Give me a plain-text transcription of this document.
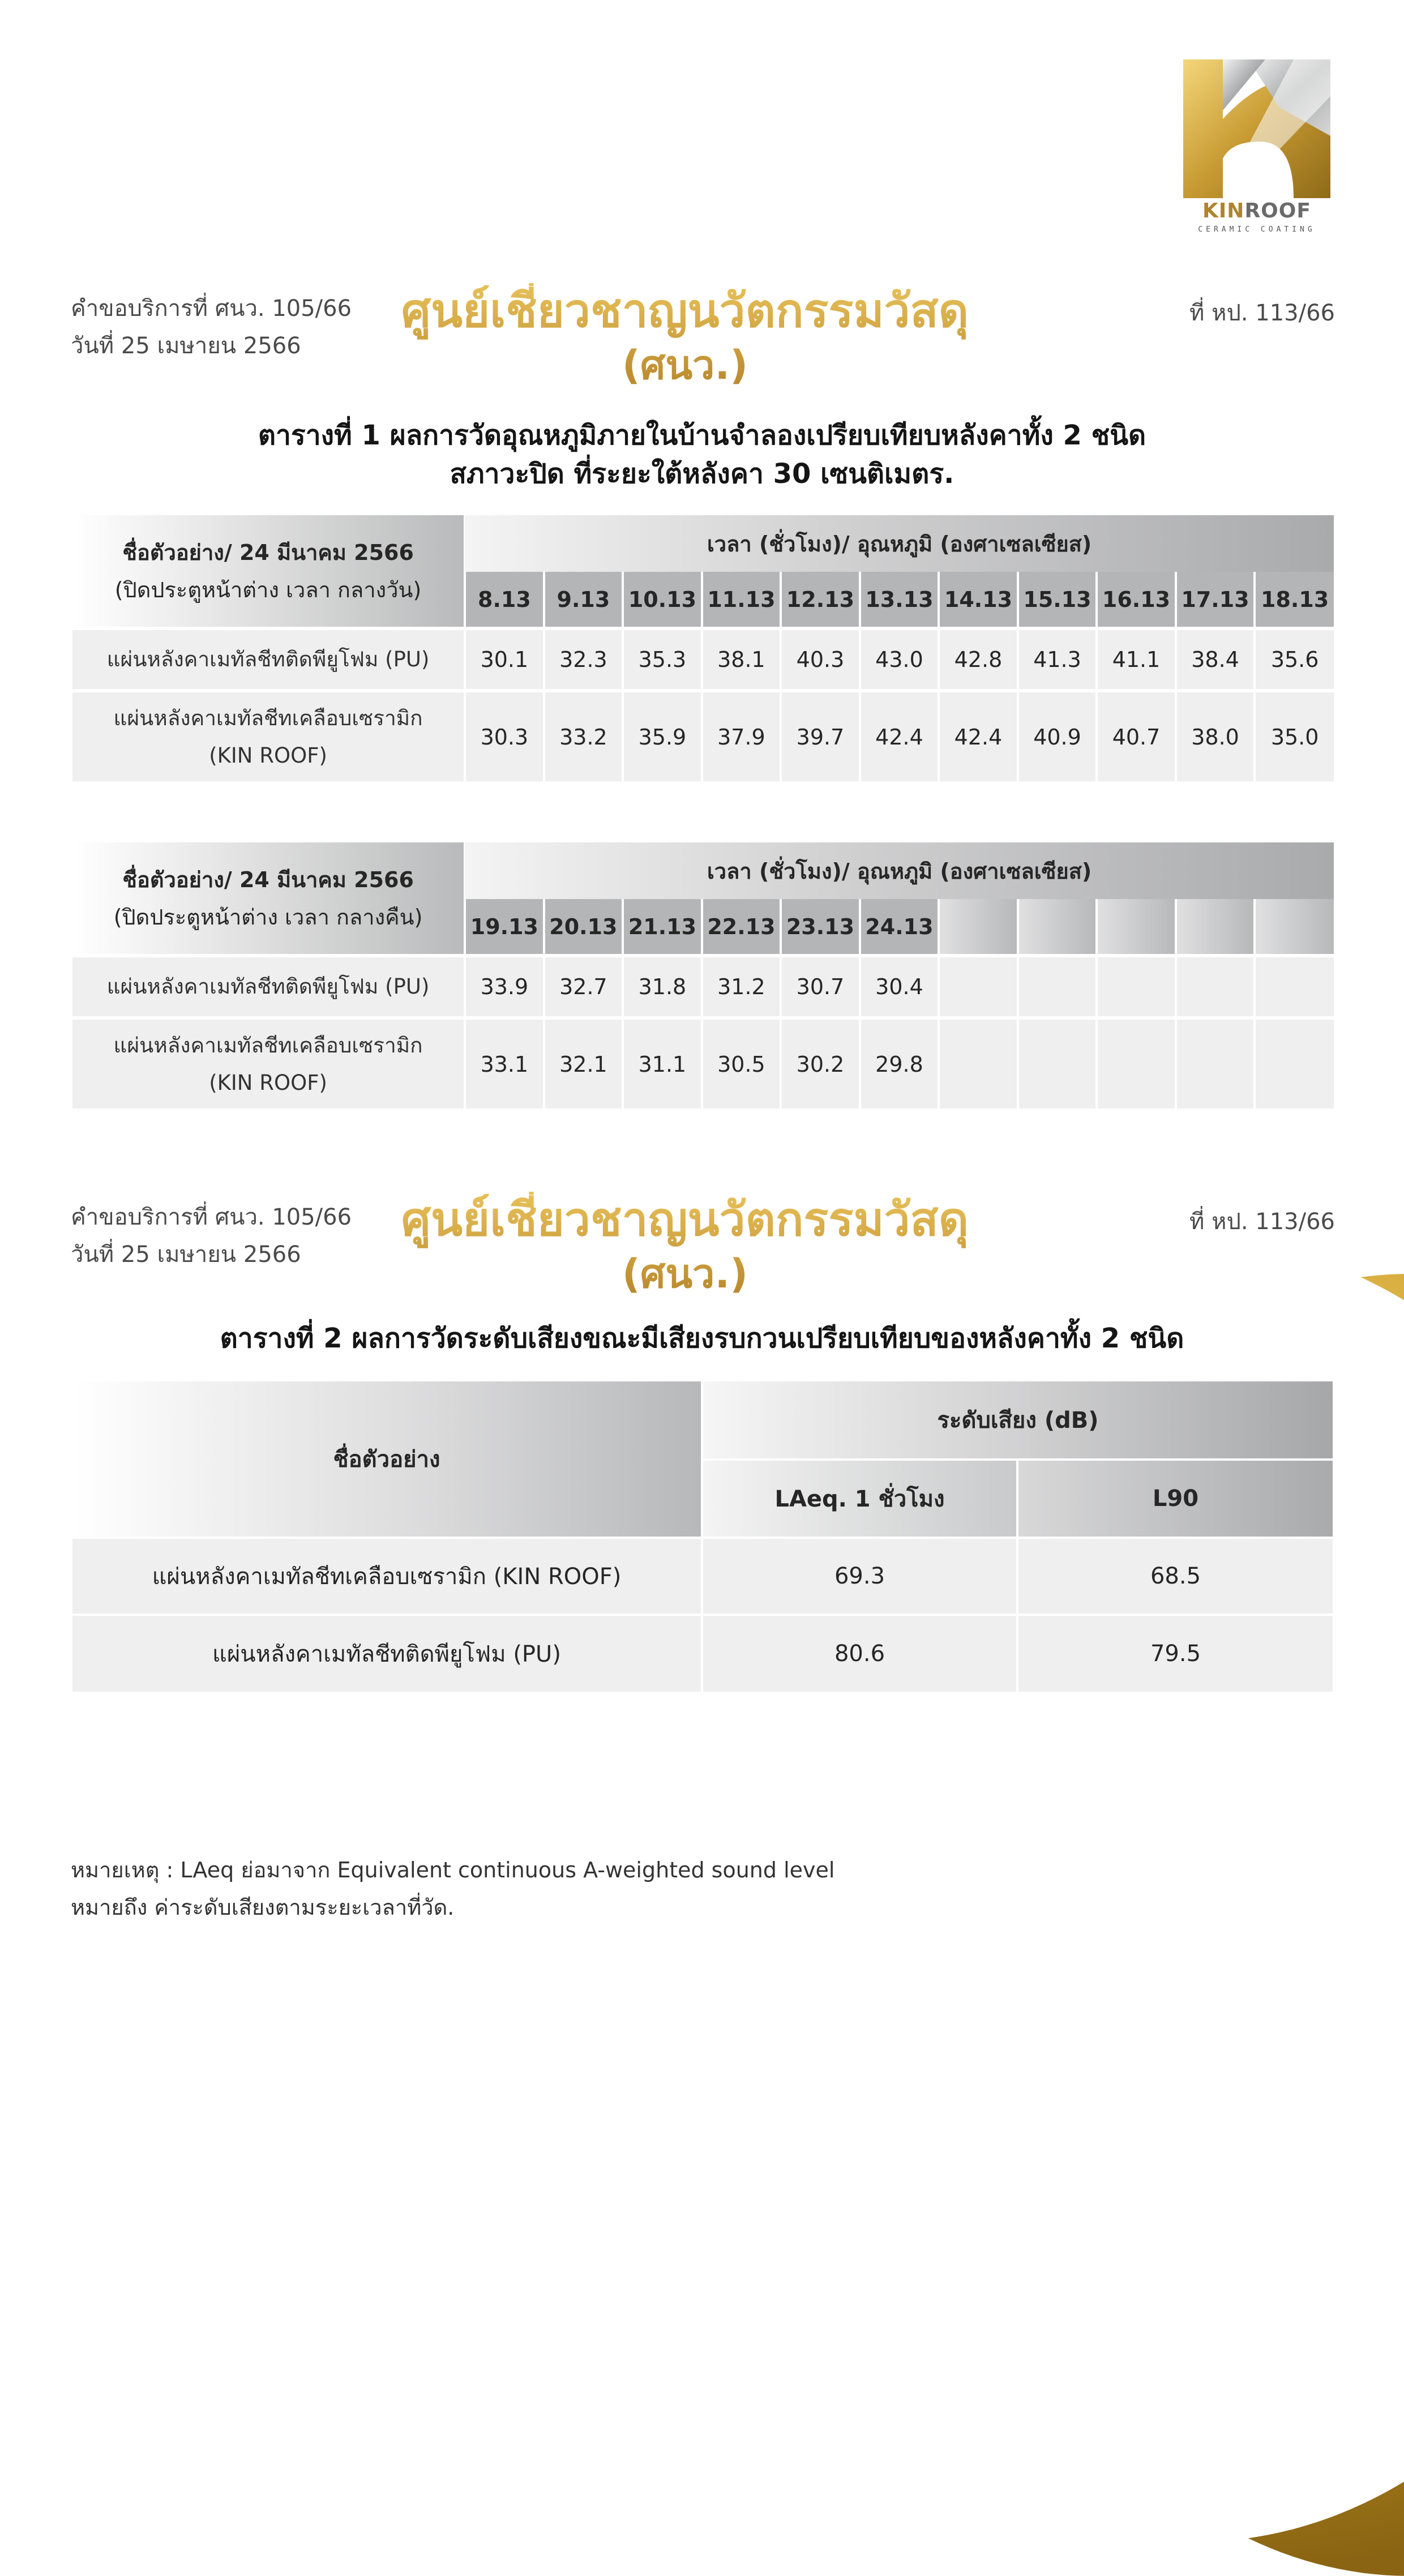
KINROOF
CERAMIC COATING
คำขอบริการที่ ศนว. 105/66
วันที่ 25 เมษายน 2566
ศูนย์เชี่ยวชาญนวัตกรรมวัสดุ
(ศนว.)
ที่ หป. 113/66
ตารางที่ 1 ผลการวัดอุณหภูมิภายในบ้านจำลองเปรียบเทียบหลังคาทั้ง 2 ชนิด
สภาวะปิด ที่ระยะใต้หลังคา 30 เซนติเมตร.
ชื่อตัวอย่าง/ 24 มีนาคม 2566
(ปิดประตูหน้าต่าง เวลา กลางวัน)	เวลา (ชั่วโมง)/ อุณหภูมิ (องศาเซลเซียส)										
	8.13	9.13	10.13	11.13	12.13	13.13	14.13	15.13	16.13	17.13	18.13

แผ่นหลังคาเมทัลชีทติดพียูโฟม (PU)	30.1	32.3	35.3	38.1	40.3	43.0	42.8	41.3	41.1	38.4	35.6

แผ่นหลังคาเมทัลชีทเคลือบเซรามิก
(KIN ROOF)	30.3	33.2	35.9	37.9	39.7	42.4	42.4	40.9	40.7	38.0	35.0
ชื่อตัวอย่าง/ 24 มีนาคม 2566
(ปิดประตูหน้าต่าง เวลา กลางคืน)	เวลา (ชั่วโมง)/ อุณหภูมิ (องศาเซลเซียส)										
	19.13	20.13	21.13	22.13	23.13	24.13					

แผ่นหลังคาเมทัลชีทติดพียูโฟม (PU)	33.9	32.7	31.8	31.2	30.7	30.4					

แผ่นหลังคาเมทัลชีทเคลือบเซรามิก
(KIN ROOF)	33.1	32.1	31.1	30.5	30.2	29.8					
คำขอบริการที่ ศนว. 105/66
วันที่ 25 เมษายน 2566
ศูนย์เชี่ยวชาญนวัตกรรมวัสดุ
(ศนว.)
ที่ หป. 113/66
ตารางที่ 2 ผลการวัดระดับเสียงขณะมีเสียงรบกวนเปรียบเทียบของหลังคาทั้ง 2 ชนิด
ชื่อตัวอย่าง	ระดับเสียง (dB)	
	LAeq. 1 ชั่วโมง	L90
แผ่นหลังคาเมทัลชีทเคลือบเซรามิก (KIN ROOF)	69.3	68.5
แผ่นหลังคาเมทัลชีทติดพียูโฟม (PU)	80.6	79.5
หมายเหตุ : LAeq ย่อมาจาก Equivalent continuous A-weighted sound level
หมายถึง ค่าระดับเสียงตามระยะเวลาที่วัด.
